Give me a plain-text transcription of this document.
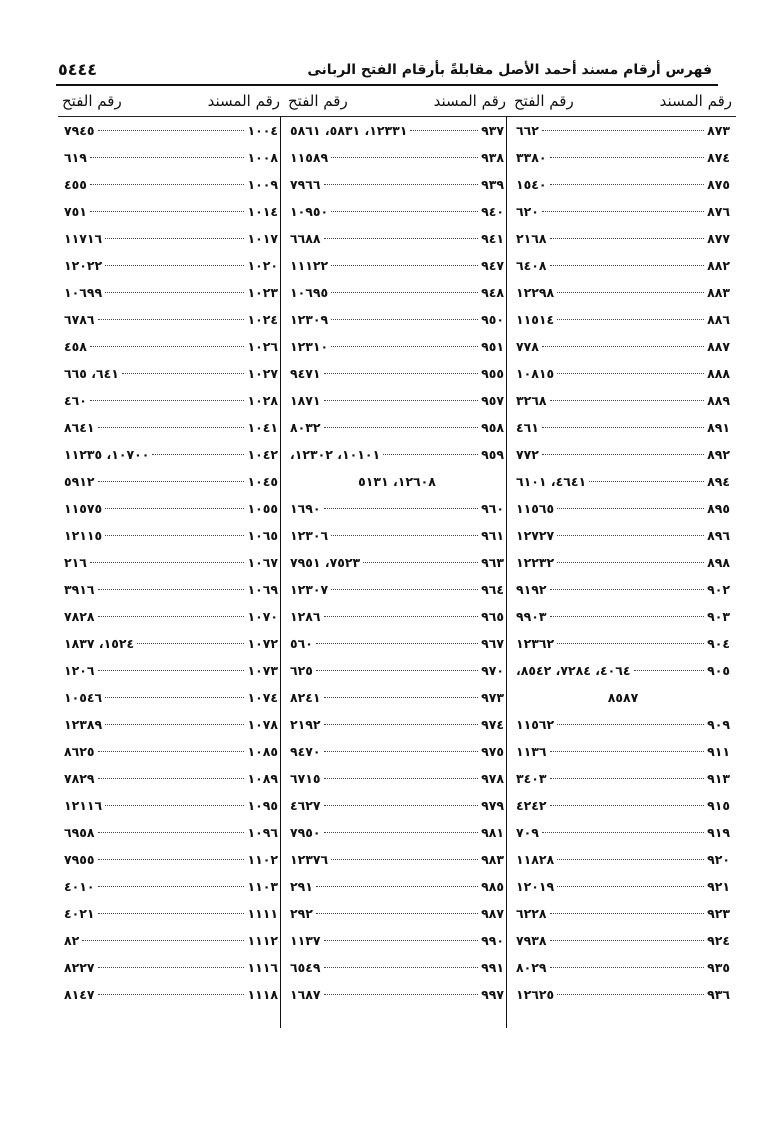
٥٤٤٤	فهرس أرقام مسند أحمد الأصل مقابلةً بأرقام الفتح الربانى
رقم المسند
رقم الفتح
٨٧٣
٦٦٢
٨٧٤
٣٣٨٠
٨٧٥
١٥٤٠
٨٧٦
٦٢٠
٨٧٧
٢١٦٨
٨٨٢
٦٤٠٨
٨٨٣
١٢٢٩٨
٨٨٦
١١٥١٤
٨٨٧
٧٧٨
٨٨٨
١٠٨١٥
٨٨٩
٣٢٦٨
٨٩١
٤٦١
٨٩٢
٧٧٢
٨٩٤
٤٦٤١، ٦١٠١
٨٩٥
١١٥٦٥
٨٩٦
١٢٧٢٧
٨٩٨
١٢٢٣٢
٩٠٢
٩١٩٢
٩٠٣
٩٩٠٣
٩٠٤
١٢٣٦٢
٩٠٥
٤٠٦٤، ٧٢٨٤، ٨٥٤٢،
٨٥٨٧
٩٠٩
١١٥٦٢
٩١١
١١٣٦
٩١٣
٣٤٠٣
٩١٥
٤٢٤٢
٩١٩
٧٠٩
٩٢٠
١١٨٢٨
٩٢١
١٢٠١٩
٩٢٣
٦٢٢٨
٩٢٤
٧٩٣٨
٩٣٥
٨٠٢٩
٩٣٦
١٢٦٢٥
رقم المسند
رقم الفتح
٩٣٧
١٢٣٣١، ٥٨٣١، ٥٨٦١
٩٣٨
١١٥٨٩
٩٣٩
٧٩٦٦
٩٤٠
١٠٩٥٠
٩٤١
٦٦٨٨
٩٤٧
١١١٢٢
٩٤٨
١٠٦٩٥
٩٥٠
١٢٣٠٩
٩٥١
١٢٣١٠
٩٥٥
٩٤٧١
٩٥٧
١٨٧١
٩٥٨
٨٠٣٢
٩٥٩
١٠١٠١، ١٢٣٠٢،
١٢٦٠٨، ٥١٣١
٩٦٠
١٦٩٠
٩٦١
١٢٣٠٦
٩٦٣
٧٥٢٣، ٧٩٥١
٩٦٤
١٢٣٠٧
٩٦٥
١٢٨٦
٩٦٧
٥٦٠
٩٧٠
٦٢٥
٩٧٣
٨٢٤١
٩٧٤
٢١٩٢
٩٧٥
٩٤٧٠
٩٧٨
٦٧١٥
٩٧٩
٤٦٢٧
٩٨١
٧٩٥٠
٩٨٣
١٢٣٧٦
٩٨٥
٢٩١
٩٨٧
٢٩٢
٩٩٠
١١٣٧
٩٩١
٦٥٤٩
٩٩٧
١٦٨٧
رقم المسند
رقم الفتح
١٠٠٤
٧٩٤٥
١٠٠٨
٦١٩
١٠٠٩
٤٥٥
١٠١٤
٧٥١
١٠١٧
١١٧١٦
١٠٢٠
١٢٠٢٢
١٠٢٣
١٠٦٩٩
١٠٢٤
٦٧٨٦
١٠٢٦
٤٥٨
١٠٢٧
٦٤١، ٦٦٥
١٠٢٨
٤٦٠
١٠٤١
٨٦٤١
١٠٤٢
١٠٧٠٠، ١١٢٣٥
١٠٤٥
٥٩١٢
١٠٥٥
١١٥٧٥
١٠٦٥
١٢١١٥
١٠٦٧
٢١٦
١٠٦٩
٣٩١٦
١٠٧٠
٧٨٢٨
١٠٧٢
١٥٢٤، ١٨٣٧
١٠٧٣
١٢٠٦
١٠٧٤
١٠٥٤٦
١٠٧٨
١٢٣٨٩
١٠٨٥
٨٦٢٥
١٠٨٩
٧٨٢٩
١٠٩٥
١٢١١٦
١٠٩٦
٦٩٥٨
١١٠٢
٧٩٥٥
١١٠٣
٤٠١٠
١١١١
٤٠٢١
١١١٢
٨٢
١١١٦
٨٢٢٧
١١١٨
٨١٤٧
